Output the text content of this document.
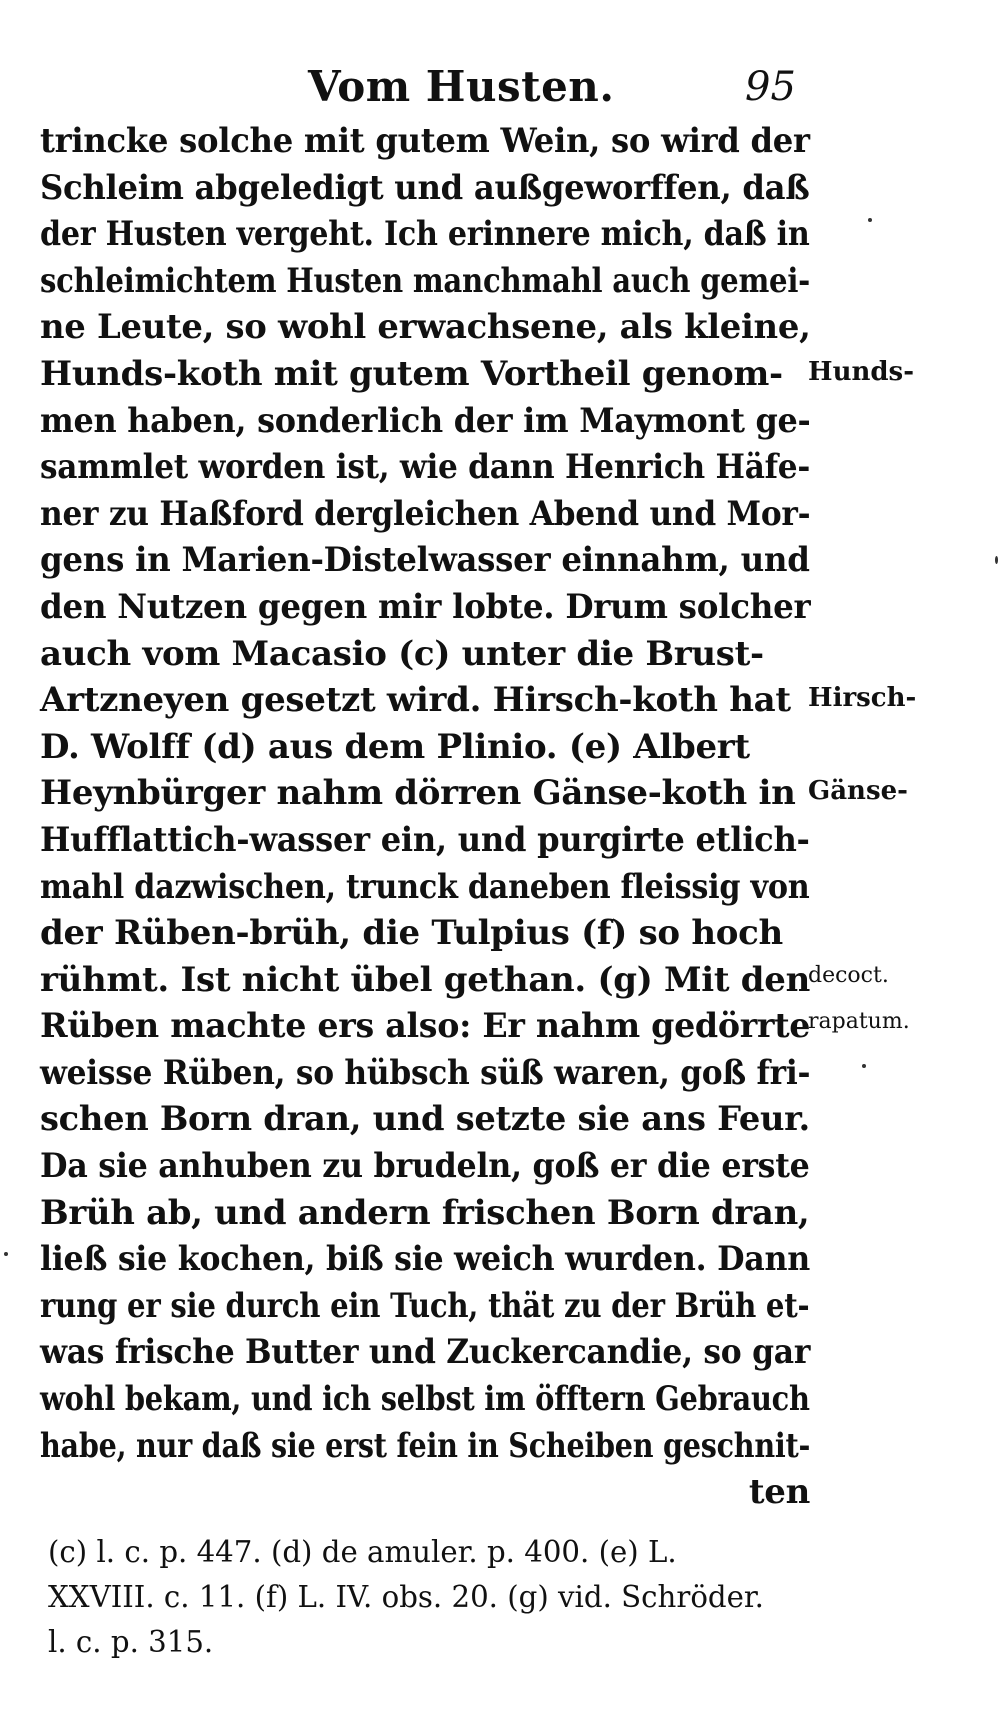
Vom Husten.	95
trincke solche mit gutem Wein, so wird der
Schleim abgeledigt und außgeworffen, daß
der Husten vergeht. Ich erinnere mich, daß in
schleimichtem Husten manchmahl auch gemei-
ne Leute, so wohl erwachsene, als kleine,
Hunds-koth mit gutem Vortheil genom-
men haben, sonderlich der im Maymont ge-
sammlet worden ist, wie dann Henrich Häfe-
ner zu Haßford dergleichen Abend und Mor-
gens in Marien-Distelwasser einnahm, und
den Nutzen gegen mir lobte. Drum solcher
auch vom Macasio (c) unter die Brust-
Artzneyen gesetzt wird. Hirsch-koth hat
D. Wolff (d) aus dem Plinio. (e) Albert
Heynbürger nahm dörren Gänse-koth in
Hufflattich-wasser ein, und purgirte etlich-
mahl dazwischen, trunck daneben fleissig von
der Rüben-brüh, die Tulpius (f) so hoch
rühmt. Ist nicht übel gethan. (g) Mit den
Rüben machte ers also: Er nahm gedörrte
weisse Rüben, so hübsch süß waren, goß fri-
schen Born dran, und setzte sie ans Feur.
Da sie anhuben zu brudeln, goß er die erste
Brüh ab, und andern frischen Born dran,
ließ sie kochen, biß sie weich wurden. Dann
rung er sie durch ein Tuch, thät zu der Brüh et-
was frische Butter und Zuckercandie, so gar
wohl bekam, und ich selbst im öfftern Gebrauch
habe, nur daß sie erst fein in Scheiben geschnit-
ten
Hunds-
Hirsch-
Gänse-
decoct.
rapatum.
(c) l. c. p. 447. (d) de amuler. p. 400. (e) L.
XXVIII. c. 11. (f) L. IV. obs. 20. (g) vid. Schröder.
l. c. p. 315.
